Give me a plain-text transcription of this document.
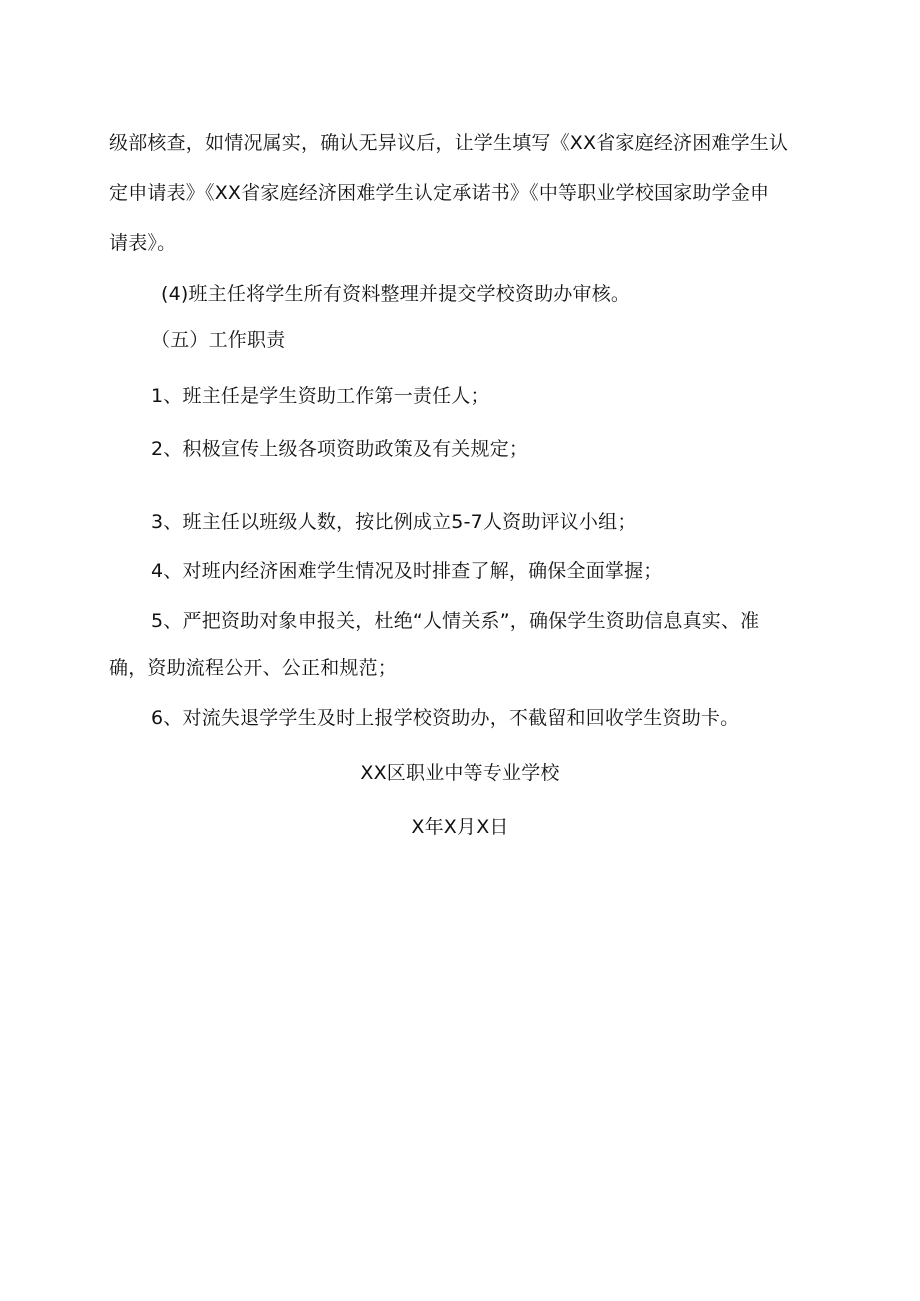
级部核查，如情况属实，确认无异议后，让学生填写《XX省家庭经济困难学生认
定申请表》《XX省家庭经济困难学生认定承诺书》《中等职业学校国家助学金申
请表》。
(4)班主任将学生所有资料整理并提交学校资助办审核。
（五）工作职责
1、班主任是学生资助工作第一责任人；
2、积极宣传上级各项资助政策及有关规定；
3、班主任以班级人数，按比例成立5-7人资助评议小组；
4、对班内经济困难学生情况及时排查了解，确保全面掌握；
5、严把资助对象申报关，杜绝“人情关系”，确保学生资助信息真实、准
确，资助流程公开、公正和规范；
6、对流失退学学生及时上报学校资助办，不截留和回收学生资助卡。
XX区职业中等专业学校
X年X月X日
